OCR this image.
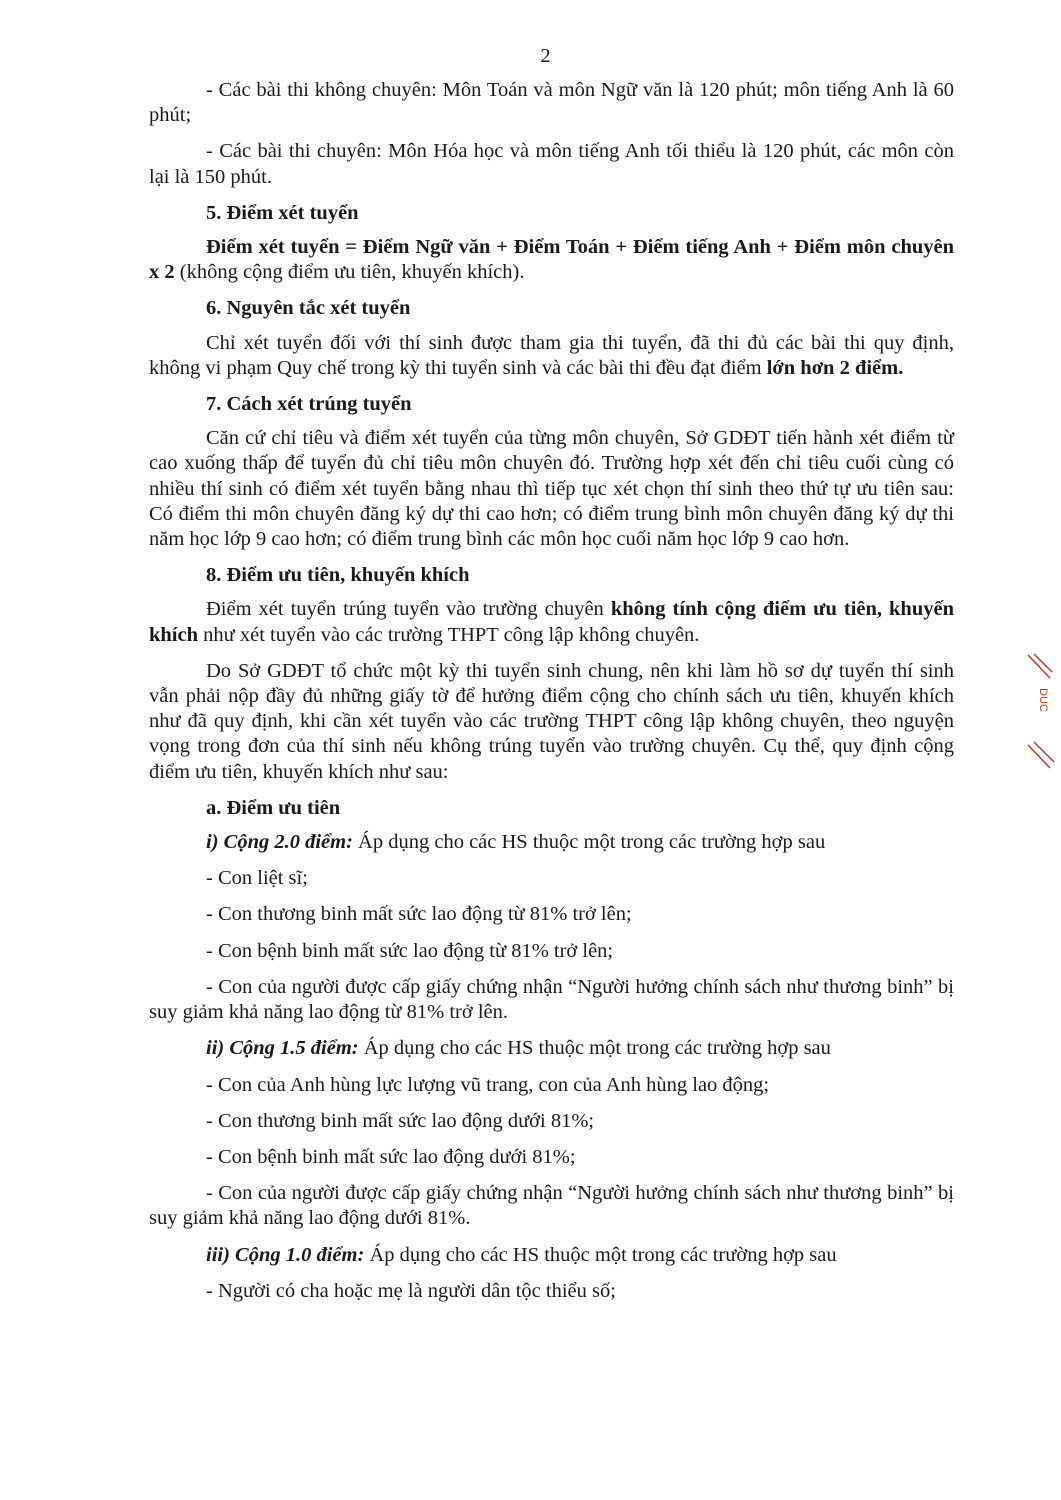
2

- Các bài thi không chuyên: Môn Toán và môn Ngữ văn là 120 phút; môn tiếng Anh là 60 phút;

- Các bài thi chuyên: Môn Hóa học và môn tiếng Anh tối thiểu là 120 phút, các môn còn lại là 150 phút.

5. Điểm xét tuyển

Điểm xét tuyển = Điểm Ngữ văn + Điểm Toán + Điểm tiếng Anh + Điểm môn chuyên x 2 (không cộng điểm ưu tiên, khuyến khích).

6. Nguyên tắc xét tuyển

Chỉ xét tuyển đối với thí sinh được tham gia thi tuyển, đã thi đủ các bài thi quy định, không vi phạm Quy chế trong kỳ thi tuyển sinh và các bài thi đều đạt điểm lớn hơn 2 điểm.

7. Cách xét trúng tuyển

Căn cứ chỉ tiêu và điểm xét tuyển của từng môn chuyên, Sở GDĐT tiến hành xét điểm từ cao xuống thấp để tuyển đủ chỉ tiêu môn chuyên đó. Trường hợp xét đến chỉ tiêu cuối cùng có nhiều thí sinh có điểm xét tuyển bằng nhau thì tiếp tục xét chọn thí sinh theo thứ tự ưu tiên sau: Có điểm thi môn chuyên đăng ký dự thi cao hơn; có điểm trung bình môn chuyên đăng ký dự thi năm học lớp 9 cao hơn; có điểm trung bình các môn học cuối năm học lớp 9 cao hơn.

8. Điểm ưu tiên, khuyến khích

Điểm xét tuyển trúng tuyển vào trường chuyên không tính cộng điểm ưu tiên, khuyến khích như xét tuyển vào các trường THPT công lập không chuyên.

Do Sở GDĐT tổ chức một kỳ thi tuyển sinh chung, nên khi làm hồ sơ dự tuyển thí sinh vẫn phải nộp đầy đủ những giấy tờ để hưởng điểm cộng cho chính sách ưu tiên, khuyến khích như đã quy định, khi cần xét tuyển vào các trường THPT công lập không chuyên, theo nguyện vọng trong đơn của thí sinh nếu không trúng tuyển vào trường chuyên. Cụ thể, quy định cộng điểm ưu tiên, khuyến khích như sau:

a. Điểm ưu tiên

i) Cộng 2.0 điểm: Áp dụng cho các HS thuộc một trong các trường hợp sau

- Con liệt sĩ;

- Con thương binh mất sức lao động từ 81% trở lên;

- Con bệnh binh mất sức lao động từ 81% trở lên;

- Con của người được cấp giấy chứng nhận “Người hưởng chính sách như thương binh” bị suy giảm khả năng lao động từ 81% trở lên.

ii) Cộng 1.5 điểm: Áp dụng cho các HS thuộc một trong các trường hợp sau

- Con của Anh hùng lực lượng vũ trang, con của Anh hùng lao động;

- Con thương binh mất sức lao động dưới 81%;

- Con bệnh binh mất sức lao động dưới 81%;

- Con của người được cấp giấy chứng nhận “Người hưởng chính sách như thương binh” bị suy giảm khả năng lao động dưới 81%.

iii) Cộng 1.0 điểm: Áp dụng cho các HS thuộc một trong các trường hợp sau

- Người có cha hoặc mẹ là người dân tộc thiểu số;

DUC
